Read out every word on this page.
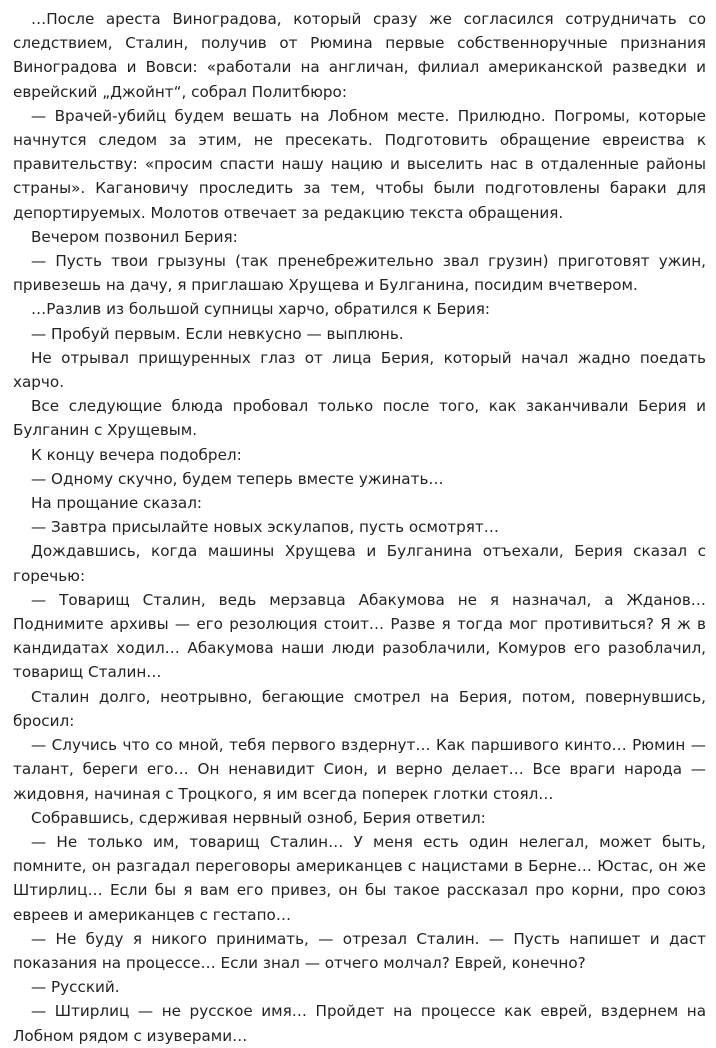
…После ареста Виноградова, который сразу же согласился сотрудничать со следствием, Сталин, получив от Рюмина первые собственноручные признания Виноградова и Вовси: «работали на англичан, филиал американской разведки и еврейский „Джойнт“, собрал Политбюро:

— Врачей-убийц будем вешать на Лобном месте. Прилюдно. Погромы, которые начнутся следом за этим, не пресекать. Подготовить обращение евреиства к правительству: «просим спасти нашу нацию и выселить нас в отдаленные районы страны». Кагановичу проследить за тем, чтобы были подготовлены бараки для депортируемых. Молотов отвечает за редакцию текста обращения.

Вечером позвонил Берия:

— Пусть твои грызуны (так пренебрежительно звал грузин) приготовят ужин, привезешь на дачу, я приглашаю Хрущева и Булганина, посидим вчетвером.

…Разлив из большой супницы харчо, обратился к Берия:

— Пробуй первым. Если невкусно — выплюнь.

Не отрывал прищуренных глаз от лица Берия, который начал жадно поедать харчо.

Все следующие блюда пробовал только после того, как заканчивали Берия и Булганин с Хрущевым.

К концу вечера подобрел:

— Одному скучно, будем теперь вместе ужинать…

На прощание сказал:

— Завтра присылайте новых эскулапов, пусть осмотрят…

Дождавшись, когда машины Хрущева и Булганина отъехали, Берия сказал с горечью:

— Товарищ Сталин, ведь мерзавца Абакумова не я назначал, а Жданов… Поднимите архивы — его резолюция стоит… Разве я тогда мог противиться? Я ж в кандидатах ходил… Абакумова наши люди разоблачили, Комуров его разоблачил, товарищ Сталин…

Сталин долго, неотрывно, бегающие смотрел на Берия, потом, повернувшись, бросил:

— Случись что со мной, тебя первого вздернут… Как паршивого кинто… Рюмин — талант, береги его… Он ненавидит Сион, и верно делает… Все враги народа — жидовня, начиная с Троцкого, я им всегда поперек глотки стоял…

Собравшись, сдерживая нервный озноб, Берия ответил:

— Не только им, товарищ Сталин… У меня есть один нелегал, может быть, помните, он разгадал переговоры американцев с нацистами в Берне… Юстас, он же Штирлиц… Если бы я вам его привез, он бы такое рассказал про корни, про союз евреев и американцев с гестапо…

— Не буду я никого принимать, — отрезал Сталин. — Пусть напишет и даст показания на процессе… Если знал — отчего молчал? Еврей, конечно?

— Русский.

— Штирлиц — не русское имя… Пройдет на процессе как еврей, вздернем на Лобном рядом с изуверами…
